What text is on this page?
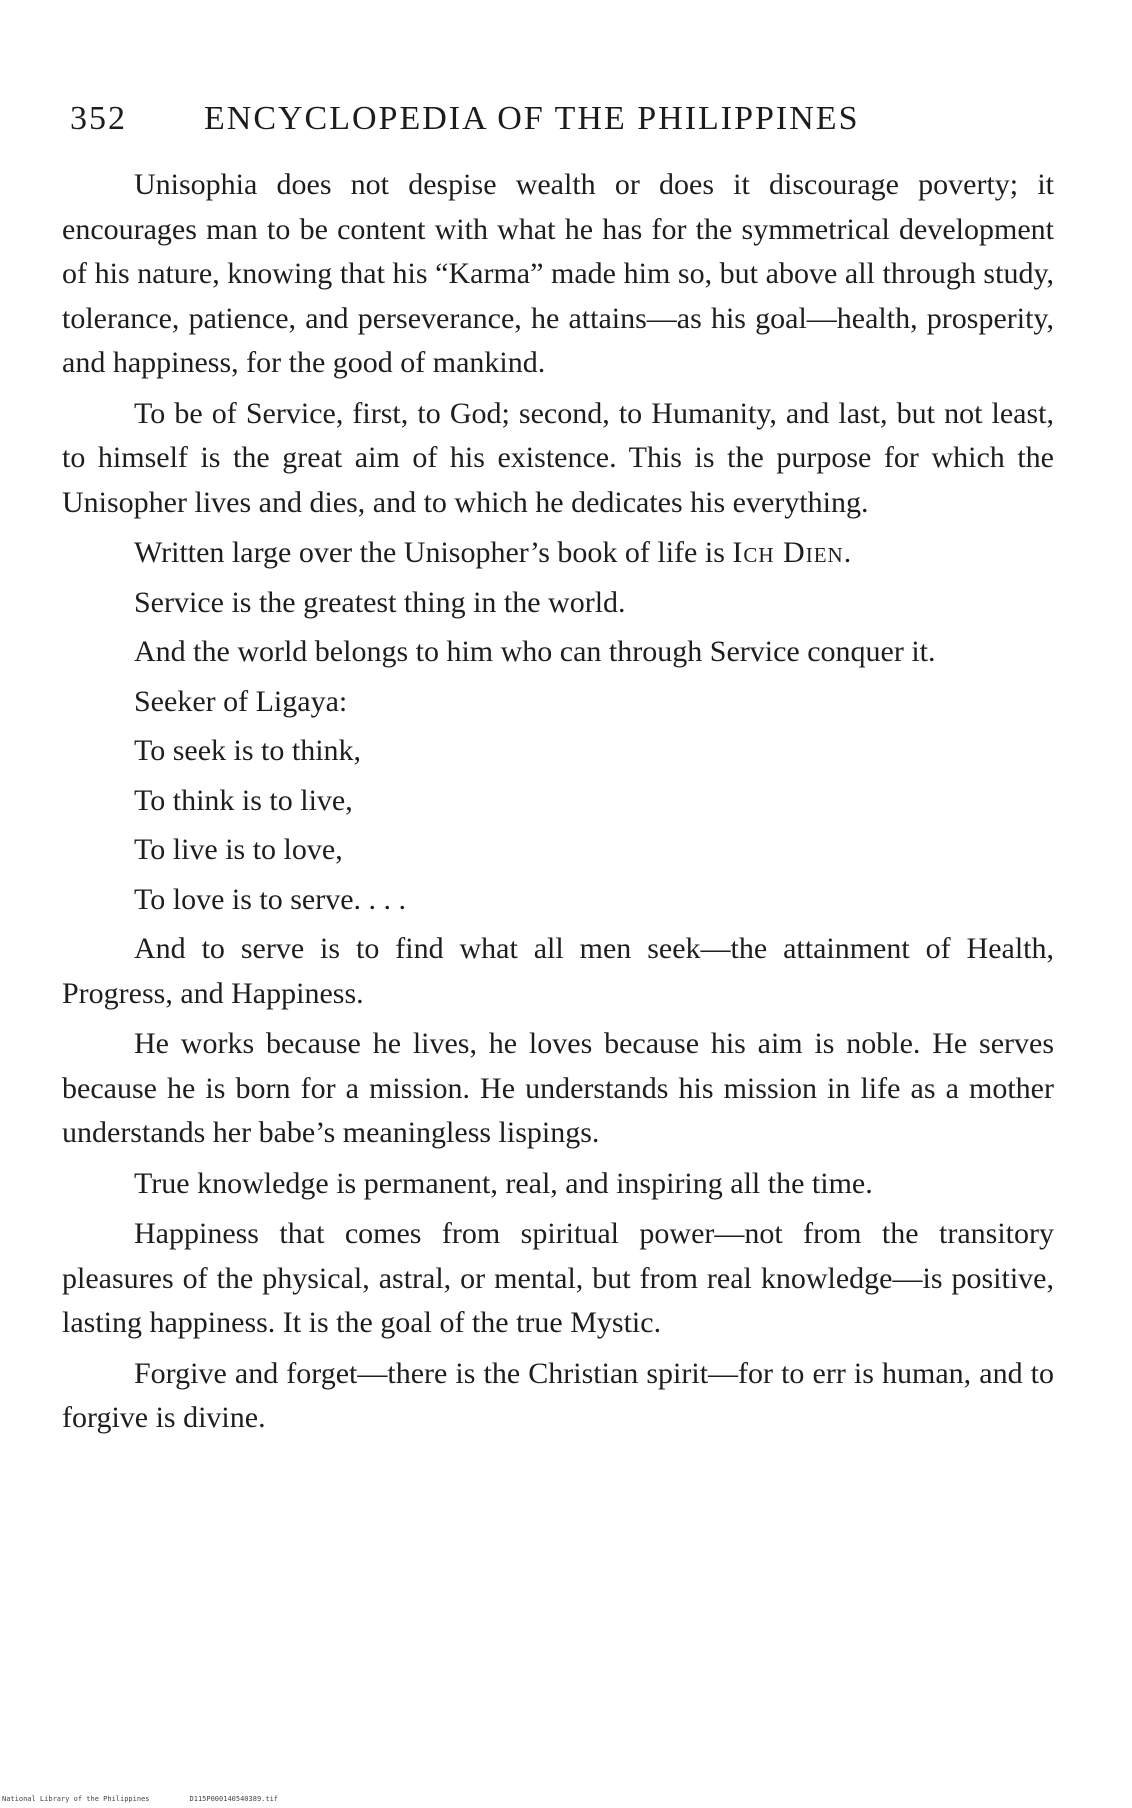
352 ENCYCLOPEDIA OF THE PHILIPPINES

Unisophia does not despise wealth or does it discourage poverty; it encourages man to be content with what he has for the symmetrical development of his nature, knowing that his “Karma” made him so, but above all through study, tolerance, patience, and perseverance, he attains—as his goal—health, prosperity, and happiness, for the good of mankind.

To be of Service, first, to God; second, to Humanity, and last, but not least, to himself is the great aim of his existence. This is the purpose for which the Unisopher lives and dies, and to which he dedicates his everything.

Written large over the Unisopher’s book of life is Ich Dien.

Service is the greatest thing in the world.

And the world belongs to him who can through Service conquer it.

Seeker of Ligaya:

To seek is to think,

To think is to live,

To live is to love,

To love is to serve. . . .

And to serve is to find what all men seek—the attainment of Health, Progress, and Happiness.

He works because he lives, he loves because his aim is noble. He serves because he is born for a mission. He understands his mission in life as a mother understands her babe’s meaningless lispings.

True knowledge is permanent, real, and inspiring all the time.

Happiness that comes from spiritual power—not from the transitory pleasures of the physical, astral, or mental, but from real knowledge—is positive, lasting happiness. It is the goal of the true Mystic.

Forgive and forget—there is the Christian spirit—for to err is human, and to forgive is divine.

National Library of the Philippines	D115P000140540389.tif
